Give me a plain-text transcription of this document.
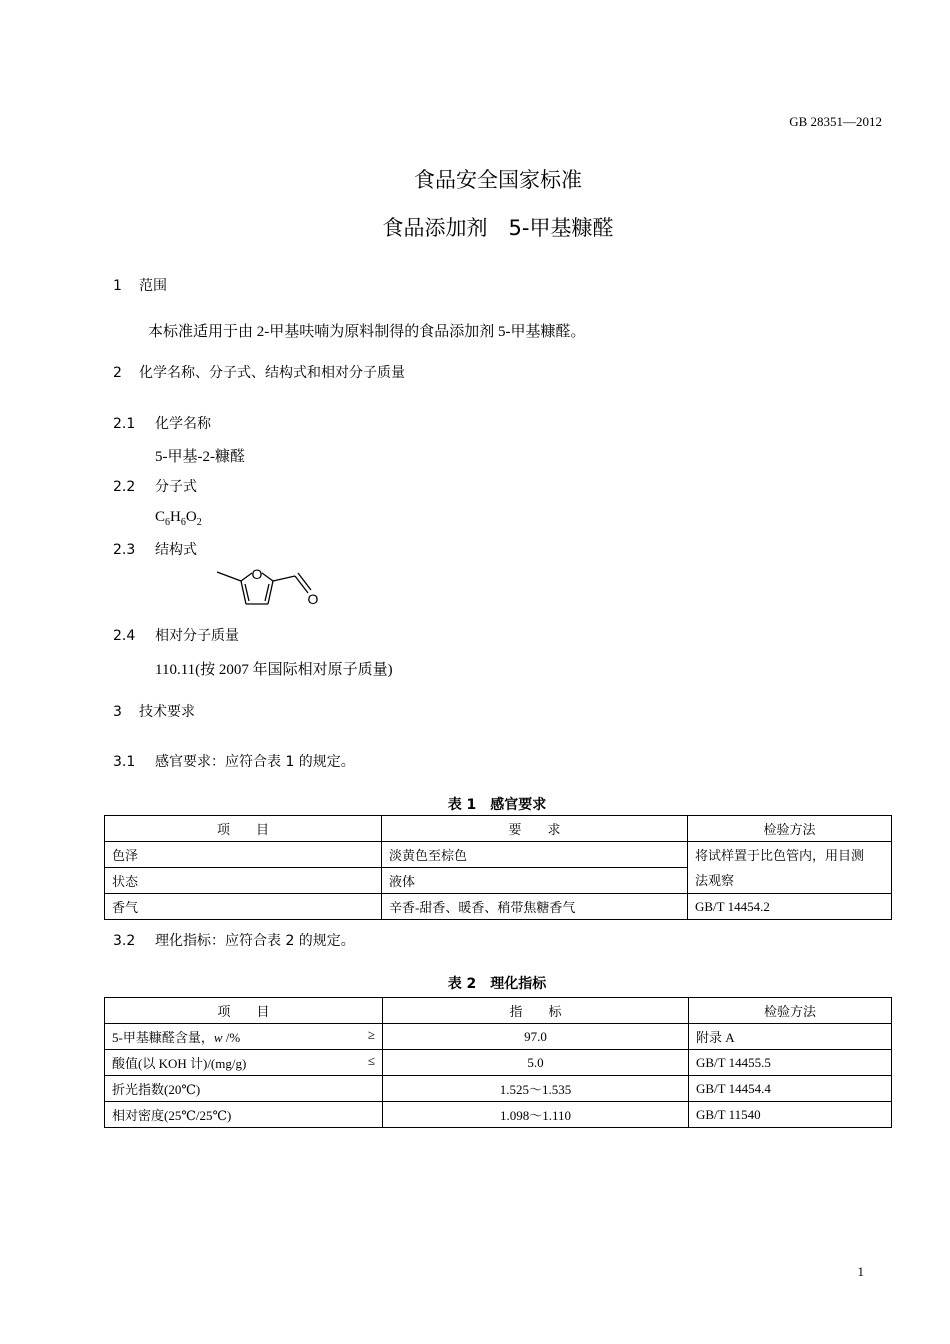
GB 28351—2012
食品安全国家标准
食品添加剂　5-甲基糠醛
1 范围
本标准适用于由 2-甲基呋喃为原料制得的食品添加剂 5-甲基糠醛。
2 化学名称、分子式、结构式和相对分子质量
2.1 化学名称
5-甲基-2-糠醛
2.2 分子式
$C_6H_6O_2$
2.3 结构式
O
O
2.4 相对分子质量
110.11(按 2007 年国际相对原子质量)
3 技术要求
3.1 感官要求：应符合表 1 的规定。
表 1　感官要求
项　　目	要　　求	检验方法
色泽	淡黄色至棕色	将试样置于比色管内，用目测
法观察

状态	液体	
香气	辛香-甜香、暖香、稍带焦糖香气	GB/T 14454.2
3.2 理化指标：应符合表 2 的规定。
表 2　理化指标
项　　目	指　　标	检验方法
5-甲基糠醛含量，w /% ≥	97.0	附录 A
酸值(以 KOH 计)/(mg/g) ≤	5.0	GB/T 14455.5
折光指数(20℃)	1.525～1.535	GB/T 14454.4
相对密度(25℃/25℃)	1.098～1.110	GB/T 11540
1
